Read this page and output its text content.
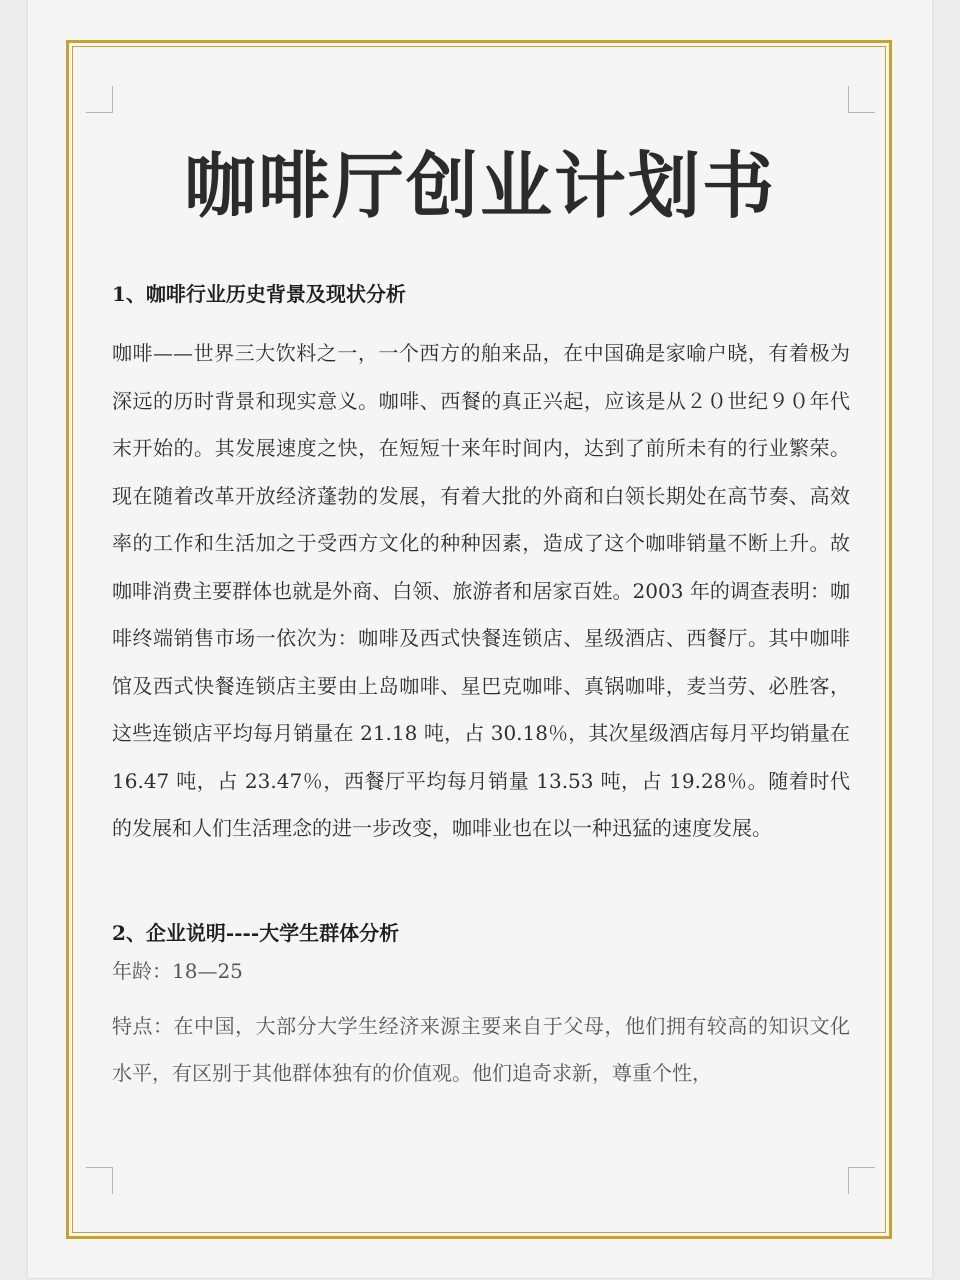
咖啡厅创业计划书

1、咖啡行业历史背景及现状分析

咖啡——世界三大饮料之一，一个西方的舶来品，在中国确是家喻户晓，有着极为深远的历时背景和现实意义。咖啡、西餐的真正兴起，应该是从２０世纪９０年代末开始的。其发展速度之快，在短短十来年时间内，达到了前所未有的行业繁荣。现在随着改革开放经济蓬勃的发展，有着大批的外商和白领长期处在高节奏、高效率的工作和生活加之于受西方文化的种种因素，造成了这个咖啡销量不断上升。故咖啡消费主要群体也就是外商、白领、旅游者和居家百姓。2003 年的调查表明：咖啡终端销售市场一依次为：咖啡及西式快餐连锁店、星级酒店、西餐厅。其中咖啡馆及西式快餐连锁店主要由上岛咖啡、星巴克咖啡、真锅咖啡，麦当劳、必胜客，这些连锁店平均每月销量在 21.18 吨，占 30.18％，其次星级酒店每月平均销量在 16.47 吨，占 23.47％，西餐厅平均每月销量 13.53 吨，占 19.28％。随着时代的发展和人们生活理念的进一步改变，咖啡业也在以一种迅猛的速度发展。

2、企业说明----大学生群体分析

年龄：18—25

特点：在中国，大部分大学生经济来源主要来自于父母，他们拥有较高的知识文化水平，有区别于其他群体独有的价值观。他们追奇求新，尊重个性，
